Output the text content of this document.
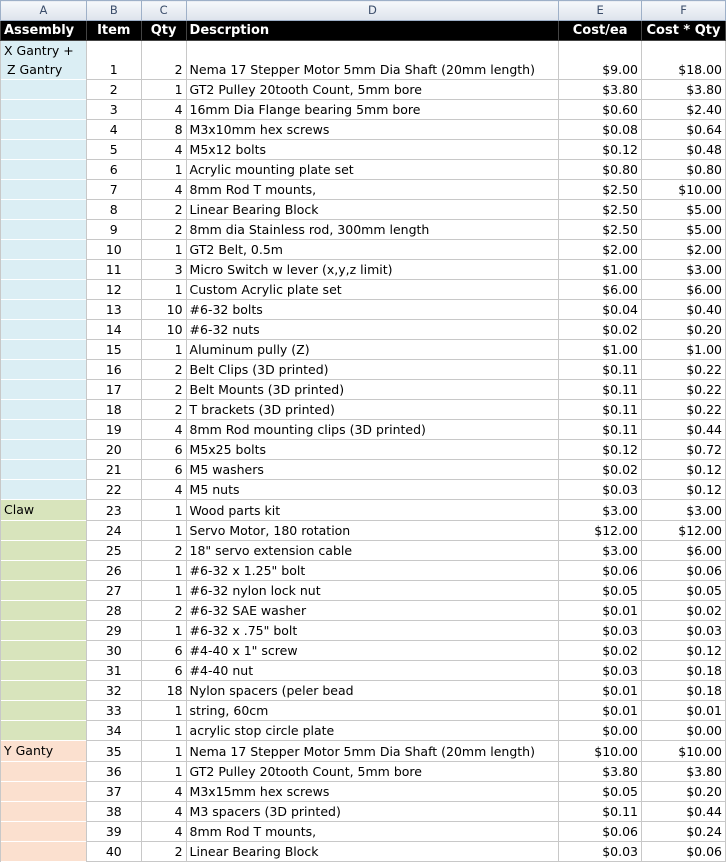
A	B	C	D	E	F
Assembly	Item	Qty	Descrption	Cost/ea	Cost * Qty

X Gantry +
Z Gantry	1	2	Nema 17 Stepper Motor 5mm Dia Shaft (20mm length)	$9.00	$18.00
	2	1	GT2 Pulley 20tooth Count, 5mm bore	$3.80	$3.80
	3	4	16mm Dia Flange bearing 5mm bore	$0.60	$2.40
	4	8	M3x10mm hex screws	$0.08	$0.64
	5	4	M5x12 bolts	$0.12	$0.48
	6	1	Acrylic mounting plate set	$0.80	$0.80
	7	4	8mm Rod T mounts,	$2.50	$10.00
	8	2	Linear Bearing Block	$2.50	$5.00
	9	2	8mm dia Stainless rod, 300mm length	$2.50	$5.00
	10	1	GT2 Belt, 0.5m	$2.00	$2.00
	11	3	Micro Switch w lever (x,y,z limit)	$1.00	$3.00
	12	1	Custom Acrylic plate set	$6.00	$6.00
	13	10	#6-32 bolts	$0.04	$0.40
	14	10	#6-32 nuts	$0.02	$0.20
	15	1	Aluminum pully (Z)	$1.00	$1.00
	16	2	Belt Clips (3D printed)	$0.11	$0.22
	17	2	Belt Mounts (3D printed)	$0.11	$0.22
	18	2	T brackets (3D printed)	$0.11	$0.22
	19	4	8mm Rod mounting clips (3D printed)	$0.11	$0.44
	20	6	M5x25 bolts	$0.12	$0.72
	21	6	M5 washers	$0.02	$0.12
	22	4	M5 nuts	$0.03	$0.12

Claw	23	1	Wood parts kit	$3.00	$3.00
	24	1	Servo Motor, 180 rotation	$12.00	$12.00
	25	2	18" servo extension cable	$3.00	$6.00
	26	1	#6-32 x 1.25" bolt	$0.06	$0.06
	27	1	#6-32 nylon lock nut	$0.05	$0.05
	28	2	#6-32 SAE washer	$0.01	$0.02
	29	1	#6-32 x .75" bolt	$0.03	$0.03
	30	6	#4-40 x 1" screw	$0.02	$0.12
	31	6	#4-40 nut	$0.03	$0.18
	32	18	Nylon spacers (peler bead	$0.01	$0.18
	33	1	string, 60cm	$0.01	$0.01
	34	1	acrylic stop circle plate	$0.00	$0.00

Y Ganty	35	1	Nema 17 Stepper Motor 5mm Dia Shaft (20mm length)	$10.00	$10.00
	36	1	GT2 Pulley 20tooth Count, 5mm bore	$3.80	$3.80
	37	4	M3x15mm hex screws	$0.05	$0.20
	38	4	M3 spacers (3D printed)	$0.11	$0.44
	39	4	8mm Rod T mounts,	$0.06	$0.24
	40	2	Linear Bearing Block	$0.03	$0.06
